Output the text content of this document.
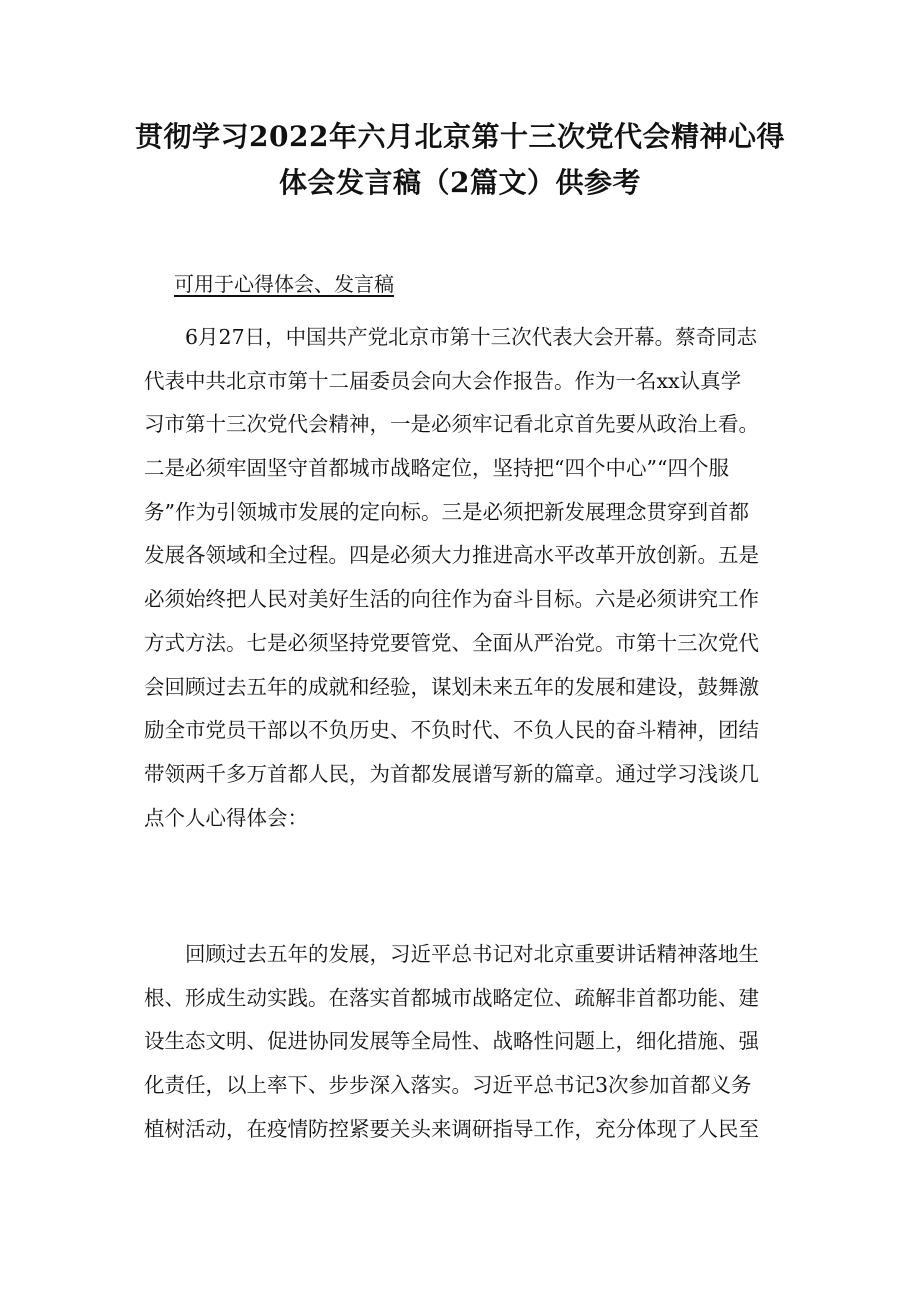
贯彻学习2022年六月北京第十三次党代会精神心得
体会发言稿（2篇文）供参考
可用于心得体会、发言稿
　　6月27日，中国共产党北京市第十三次代表大会开幕。蔡奇同志
代表中共北京市第十二届委员会向大会作报告。作为一名xx认真学
习市第十三次党代会精神，一是必须牢记看北京首先要从政治上看。
二是必须牢固坚守首都城市战略定位，坚持把“四个中心”“四个服
务”作为引领城市发展的定向标。三是必须把新发展理念贯穿到首都
发展各领域和全过程。四是必须大力推进高水平改革开放创新。五是
必须始终把人民对美好生活的向往作为奋斗目标。六是必须讲究工作
方式方法。七是必须坚持党要管党、全面从严治党。市第十三次党代
会回顾过去五年的成就和经验，谋划未来五年的发展和建设，鼓舞激
励全市党员干部以不负历史、不负时代、不负人民的奋斗精神，团结
带领两千多万首都人民，为首都发展谱写新的篇章。通过学习浅谈几
点个人心得体会：
　　回顾过去五年的发展，习近平总书记对北京重要讲话精神落地生
根、形成生动实践。在落实首都城市战略定位、疏解非首都功能、建
设生态文明、促进协同发展等全局性、战略性问题上，细化措施、强
化责任，以上率下、步步深入落实。习近平总书记3次参加首都义务
植树活动，在疫情防控紧要关头来调研指导工作，充分体现了人民至
